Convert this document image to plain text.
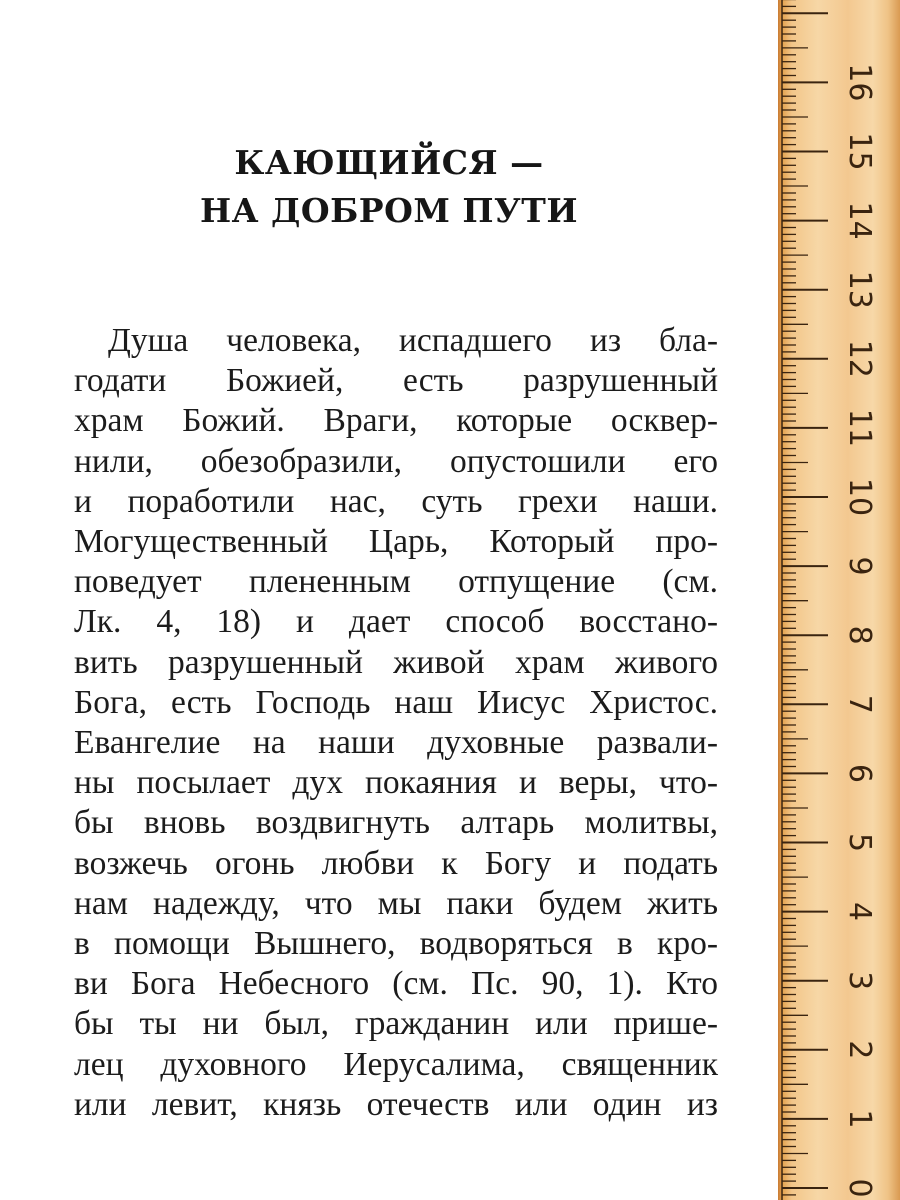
КАЮЩИЙСЯ —
НА ДОБРОМ ПУТИ
Душа человека, испадшего из бла-
годати Божией, есть разрушенный
храм Божий. Враги, которые осквер-
нили, обезобразили, опустошили его
и поработили нас, суть грехи наши.
Могущественный Царь, Который про-
поведует плененным отпущение (см.
Лк. 4, 18) и дает способ восстано-
вить разрушенный живой храм живого
Бога, есть Господь наш Иисус Христос.
Евангелие на наши духовные развали-
ны посылает дух покаяния и веры, что-
бы вновь воздвигнуть алтарь молитвы,
возжечь огонь любви к Богу и подать
нам надежду, что мы паки будем жить
в помощи Вышнего, водворяться в кро-
ви Бога Небесного (см. Пс. 90, 1). Кто
бы ты ни был, гражданин или пришe-
лец духовного Иерусалима, священник
или левит, князь отечеств или один из
0
1
2
3
4
5
6
7
8
9
10
11
12
13
14
15
16
